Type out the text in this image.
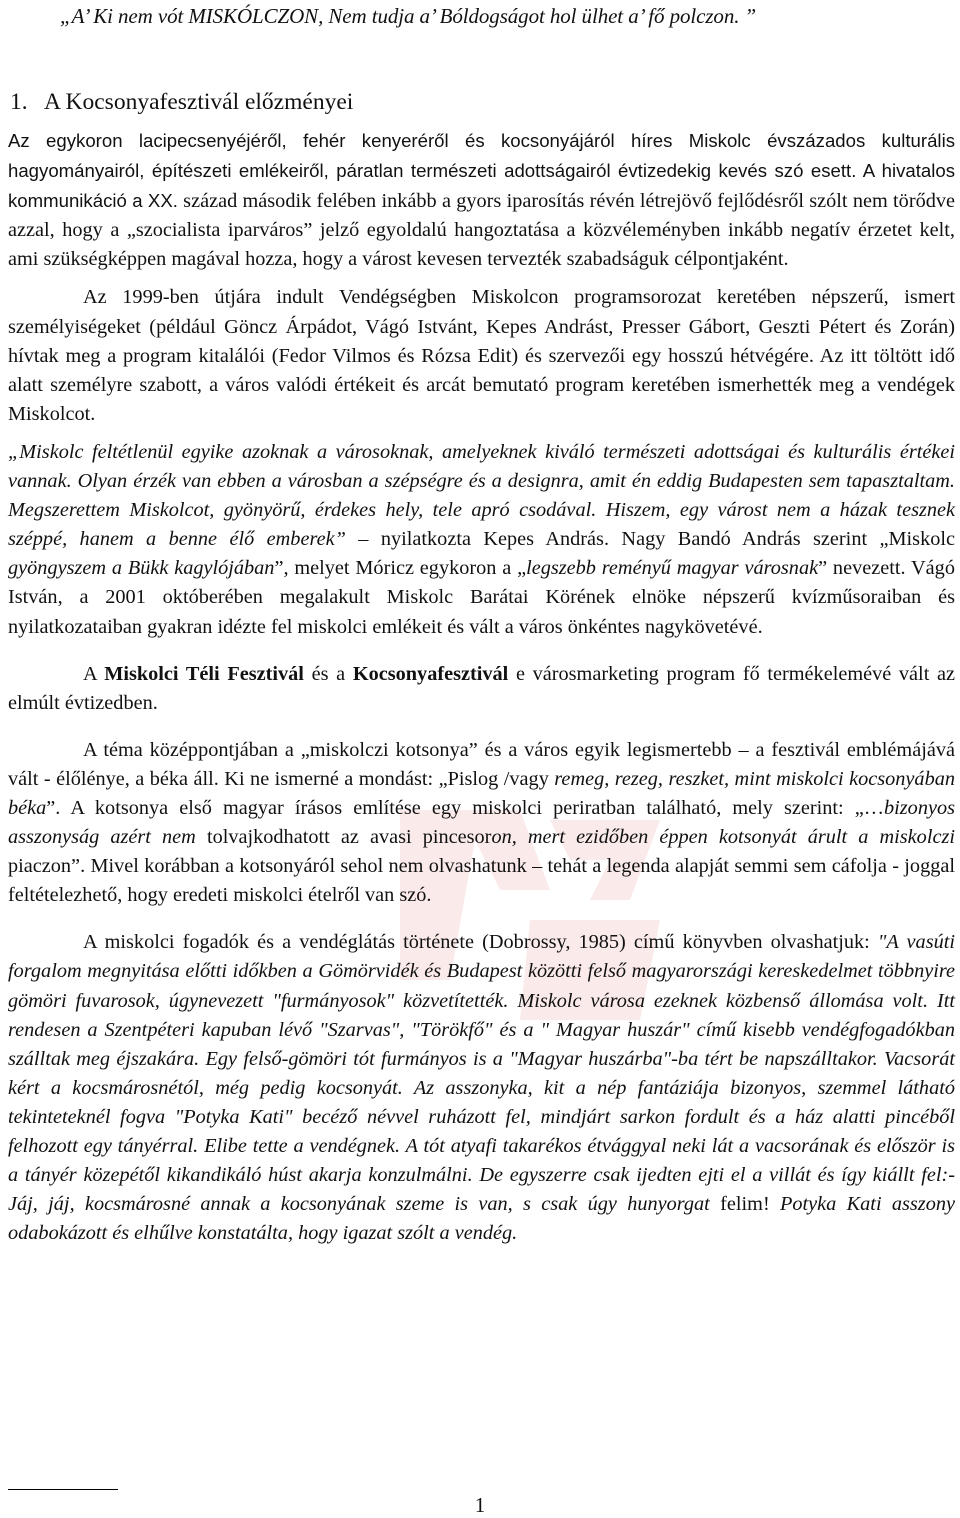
„A’ Ki nem vót MISKÓLCZON, Nem tudja a’ Bóldogságot hol ülhet a’ fő polczon. ”
1. A Kocsonyafesztivál előzményei

Az egykoron lacipecsenyéjéről, fehér kenyeréről és kocsonyájáról híres Miskolc évszázados kulturális hagyományairól, építészeti emlékeiről, páratlan természeti adottságairól évtizedekig kevés szó esett. A hivatalos kommunikáció a XX. század második felében inkább a gyors iparosítás révén létrejövő fejlődésről szólt nem törődve azzal, hogy a „szocialista iparváros” jelző egyoldalú hangoztatása a közvéleményben inkább negatív érzetet kelt, ami szükségképpen magával hozza, hogy a várost kevesen tervezték szabadságuk célpontjaként.

Az 1999-ben útjára indult Vendégségben Miskolcon programsorozat keretében népszerű, ismert személyiségeket (például Göncz Árpádot, Vágó Istvánt, Kepes Andrást, Presser Gábort, Geszti Pétert és Zorán) hívtak meg a program kitalálói (Fedor Vilmos és Rózsa Edit) és szervezői egy hosszú hétvégére. Az itt töltött idő alatt személyre szabott, a város valódi értékeit és arcát bemutató program keretében ismerhették meg a vendégek Miskolcot.

„Miskolc feltétlenül egyike azoknak a városoknak, amelyeknek kiváló természeti adottságai és kulturális értékei vannak. Olyan érzék van ebben a városban a szépségre és a designra, amit én eddig Budapesten sem tapasztaltam. Megszerettem Miskolcot, gyönyörű, érdekes hely, tele apró csodával. Hiszem, egy várost nem a házak tesznek széppé, hanem a benne élő emberek” – nyilatkozta Kepes András. Nagy Bandó András szerint „Miskolc gyöngyszem a Bükk kagylójában”, melyet Móricz egykoron a „legszebb reményű magyar városnak” nevezett. Vágó István, a 2001 októberében megalakult Miskolc Barátai Körének elnöke népszerű kvízműsoraiban és nyilatkozataiban gyakran idézte fel miskolci emlékeit és vált a város önkéntes nagykövetévé.

A Miskolci Téli Fesztivál és a Kocsonyafesztivál e városmarketing program fő termékelemévé vált az elmúlt évtizedben.

A téma középpontjában a „miskolczi kotsonya” és a város egyik legismertebb – a fesztivál emblémájává vált - élőlénye, a béka áll. Ki ne ismerné a mondást: „Pislog /vagy remeg, rezeg, reszket, mint miskolci kocsonyában béka”. A kotsonya első magyar írásos említése egy miskolci periratban található, mely szerint: „…bizonyos asszonyság azért nem tolvajkodhatott az avasi pincesoron, mert ezidőben éppen kotsonyát árult a miskolczi piaczon”. Mivel korábban a kotsonyáról sehol nem olvashatunk – tehát a legenda alapját semmi sem cáfolja - joggal feltételezhető, hogy eredeti miskolci ételről van szó.

A miskolci fogadók és a vendéglátás története (Dobrossy, 1985) című könyvben olvashatjuk: "A vasúti forgalom megnyitása előtti időkben a Gömörvidék és Budapest közötti felső magyarországi kereskedelmet többnyire gömöri fuvarosok, úgynevezett "furmányosok" közvetítették. Miskolc városa ezeknek közbenső állomása volt. Itt rendesen a Szentpéteri kapuban lévő "Szarvas", "Törökfő" és a " Magyar huszár" című kisebb vendégfogadókban szálltak meg éjszakára. Egy felső-gömöri tót furmányos is a "Magyar huszárba"-ba tért be napszálltakor. Vacsorát kért a kocsmárosnétól, még pedig kocsonyát. Az asszonyka, kit a nép fantáziája bizonyos, szemmel látható tekinteteknél fogva "Potyka Kati" becéző névvel ruházott fel, mindjárt sarkon fordult és a ház alatti pincéből felhozott egy tányérral. Elibe tette a vendégnek. A tót atyafi takarékos étvággyal neki lát a vacsorának és először is a tányér közepétől kikandikáló húst akarja konzulmálni. De egyszerre csak ijedten ejti el a villát és így kiállt fel:- Jáj, jáj, kocsmárosné annak a kocsonyának szeme is van, s csak úgy hunyorgat felim! Potyka Kati asszony odabokázott és elhűlve konstatálta, hogy igazat szólt a vendég.

1
